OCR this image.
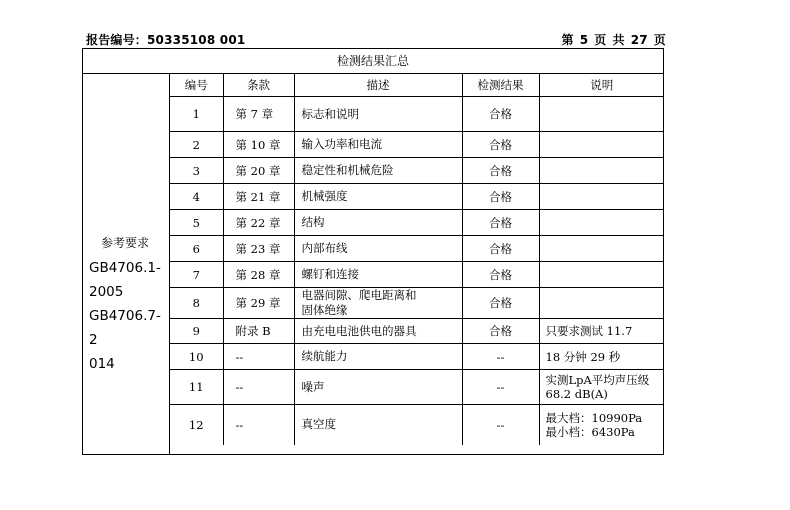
报告编号：50335108 001	第 5 页 共 27 页
检测结果汇总
参考要求
GB4706.1-
2005
GB4706.7-2
014
编号	条款	描述	检测结果	说明
1	第 7 章	标志和说明	合格	
2	第 10 章	输入功率和电流	合格	
3	第 20 章	稳定性和机械危险	合格	
4	第 21 章	机械强度	合格	
5	第 22 章	结构	合格	
6	第 23 章	内部布线	合格	
7	第 28 章	螺钉和连接	合格	
8	第 29 章	电器间隙、爬电距离和
固体绝缘	合格	
9	附录 B	由充电电池供电的器具	合格	只要求测试 11.7

10	--	续航能力	--	18 分钟 29 秒

11	--	噪声	--	实测LpA平均声压级
68.2 dB(A)

12	--	真空度	--	最大档：10990Pa
最小档：6430Pa
